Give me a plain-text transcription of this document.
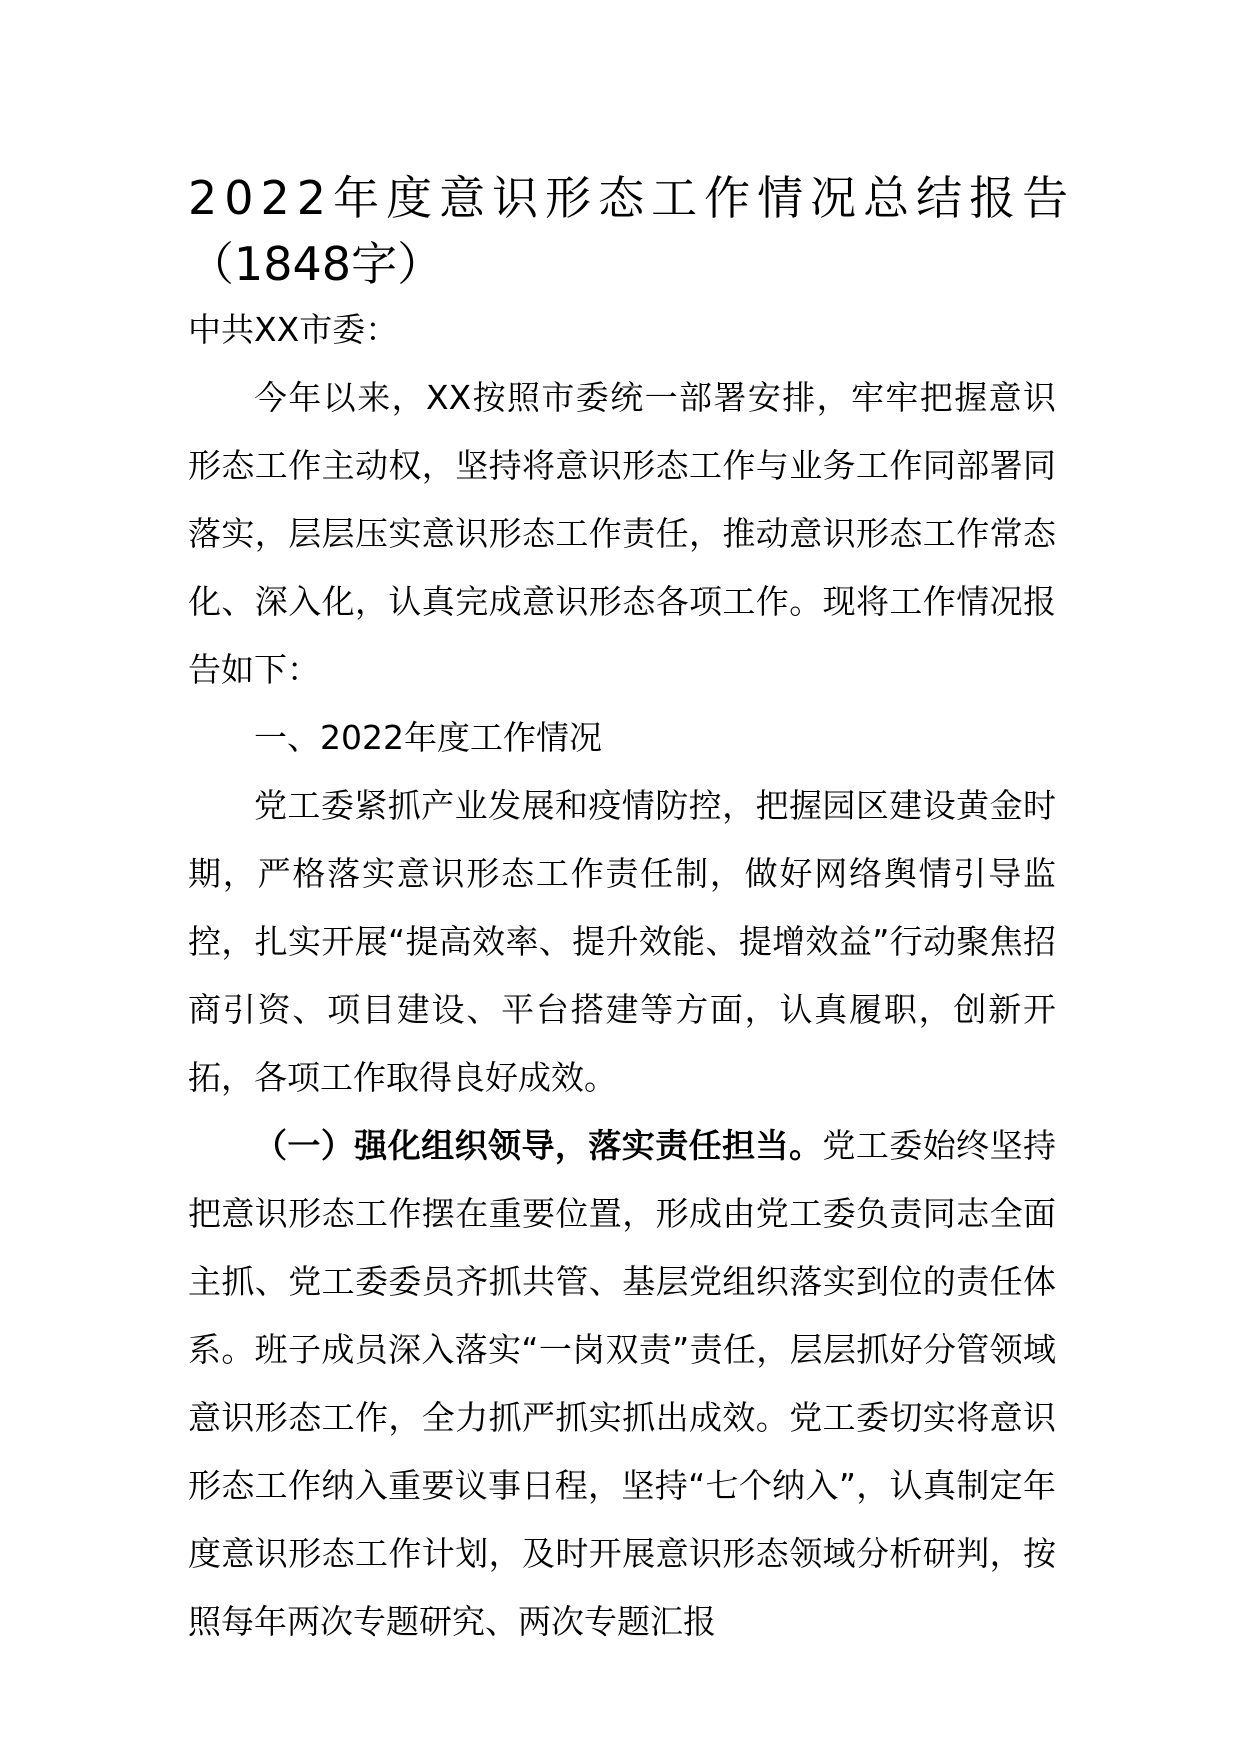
2022年度意识形态工作情况总结报告
（1848字）

中共XX市委：

今年以来，XX按照市委统一部署安排，牢牢把握意识形态工作主动权，坚持将意识形态工作与业务工作同部署同落实，层层压实意识形态工作责任，推动意识形态工作常态化、深入化，认真完成意识形态各项工作。现将工作情况报告如下：

一、2022年度工作情况

党工委紧抓产业发展和疫情防控，把握园区建设黄金时期，严格落实意识形态工作责任制，做好网络舆情引导监控，扎实开展“提高效率、提升效能、提增效益”行动聚焦招商引资、项目建设、平台搭建等方面，认真履职，创新开拓，各项工作取得良好成效。

（一）强化组织领导，落实责任担当。党工委始终坚持把意识形态工作摆在重要位置，形成由党工委负责同志全面主抓、党工委委员齐抓共管、基层党组织落实到位的责任体系。班子成员深入落实“一岗双责”责任，层层抓好分管领域意识形态工作，全力抓严抓实抓出成效。党工委切实将意识形态工作纳入重要议事日程，坚持“七个纳入”，认真制定年度意识形态工作计划，及时开展意识形态领域分析研判，按照每年两次专题研究、两次专题汇报
